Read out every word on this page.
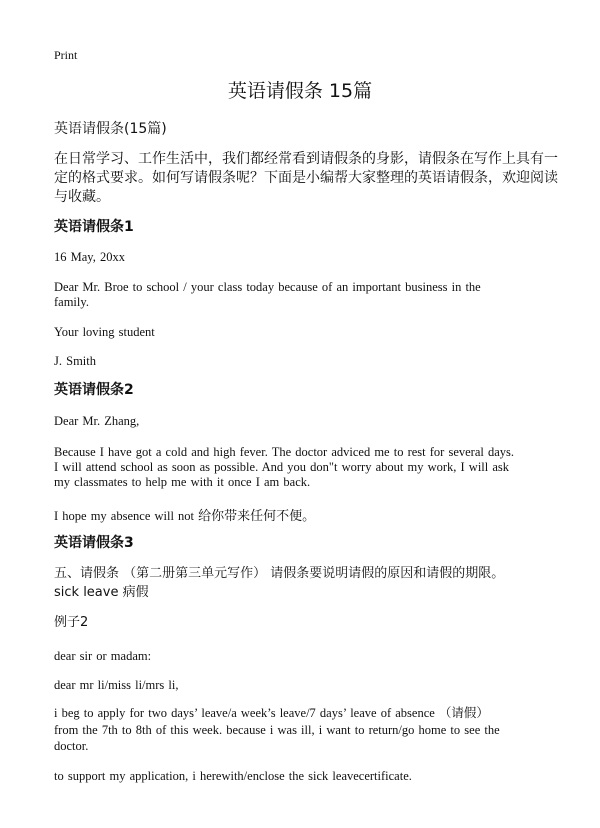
Print
英语请假条 15篇
英语请假条(15篇)
在日常学习、工作生活中，我们都经常看到请假条的身影，请假条在写作上具有一
定的格式要求。如何写请假条呢？下面是小编帮大家整理的英语请假条，欢迎阅读
与收藏。
英语请假条1
16 May, 20xx
Dear Mr. Broe to school / your class today because of an important business in the
family.
Your loving student
J. Smith
英语请假条2
Dear Mr. Zhang,
Because I have got a cold and high fever. The doctor adviced me to rest for several days.
I will attend school as soon as possible. And you don"t worry about my work, I will ask
my classmates to help me with it once I am back.
I hope my absence will not 给你带来任何不便。
英语请假条3
五、请假条 （第二册第三单元写作） 请假条要说明请假的原因和请假的期限。
sick leave 病假
例子2
dear sir or madam:
dear mr li/miss li/mrs li,
i beg to apply for two days’ leave/a week’s leave/7 days’ leave of absence （请假）
from the 7th to 8th of this week. because i was ill, i want to return/go home to see the
doctor.
to support my application, i herewith/enclose the sick leavecertificate.
